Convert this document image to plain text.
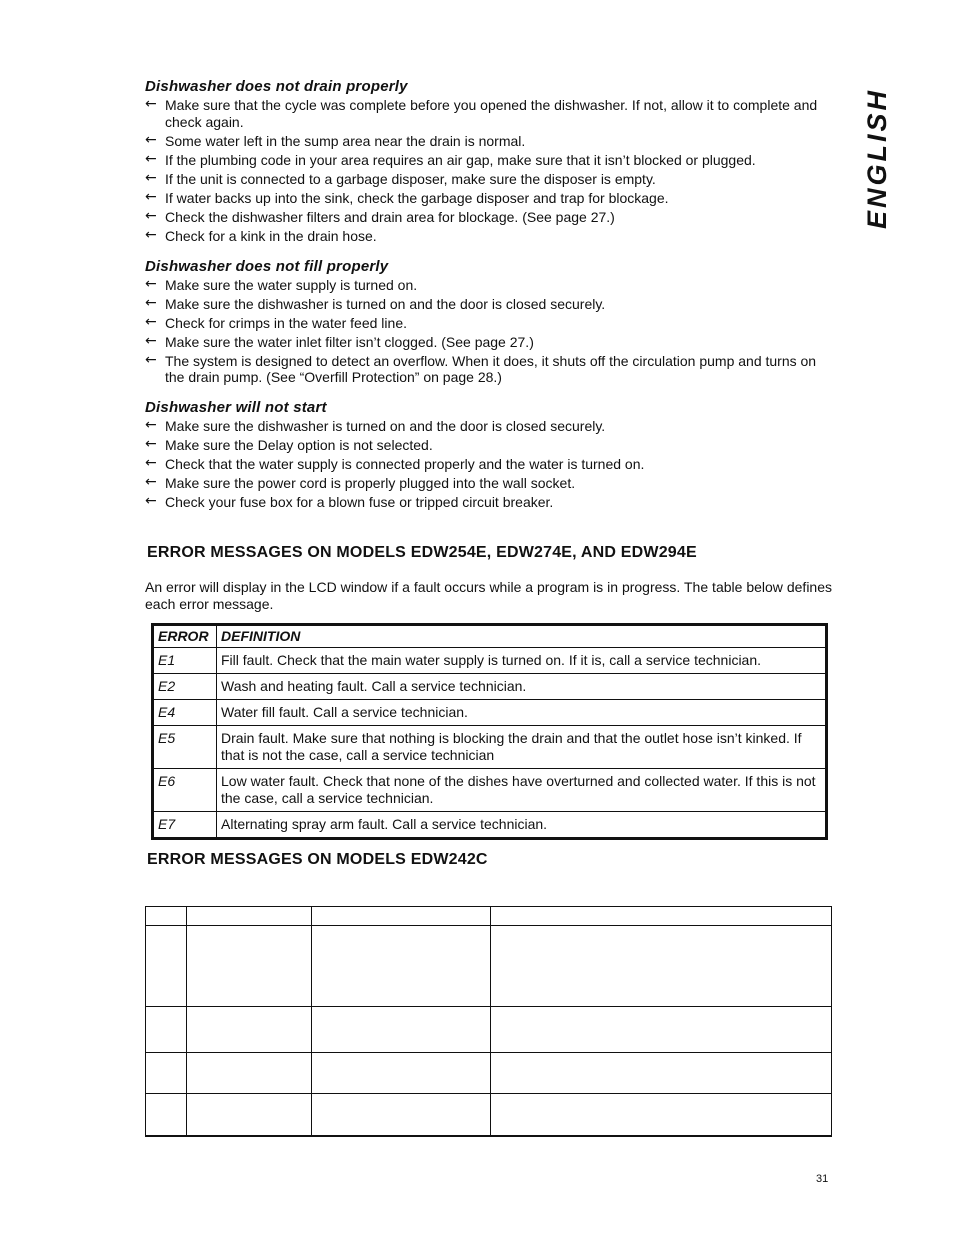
ENGLISH
Dishwasher does not drain properly
← Make sure that the cycle was complete before you opened the dishwasher. If not, allow it to complete and check again.
← Some water left in the sump area near the drain is normal.
← If the plumbing code in your area requires an air gap, make sure that it isn’t blocked or plugged.
← If the unit is connected to a garbage disposer, make sure the disposer is empty.
← If water backs up into the sink, check the garbage disposer and trap for blockage.
← Check the dishwasher filters and drain area for blockage. (See page 27.)
← Check for a kink in the drain hose.
Dishwasher does not fill properly
← Make sure the water supply is turned on.
← Make sure the dishwasher is turned on and the door is closed securely.
← Check for crimps in the water feed line.
← Make sure the water inlet filter isn’t clogged. (See page 27.)
← The system is designed to detect an overflow. When it does, it shuts off the circulation pump and turns on the drain pump. (See “Overfill Protection” on page 28.)
Dishwasher will not start
← Make sure the dishwasher is turned on and the door is closed securely.
← Make sure the Delay option is not selected.
← Check that the water supply is connected properly and the water is turned on.
← Make sure the power cord is properly plugged into the wall socket.
← Check your fuse box for a blown fuse or tripped circuit breaker.
ERROR MESSAGES ON MODELS EDW254E, EDW274E, AND EDW294E

An error will display in the LCD window if a fault occurs while a program is in progress. The table below defines each error message.

ERROR	DEFINITION
E1	Fill fault. Check that the main water supply is turned on. If it is, call a service technician.
E2	Wash and heating fault. Call a service technician.
E4	Water fill fault. Call a service technician.
E5	Drain fault. Make sure that nothing is blocking the drain and that the outlet hose isn’t kinked. If that is not the case, call a service technician
E6	Low water fault. Check that none of the dishes have overturned and collected water. If this is not the case, call a service technician.
E7	Alternating spray arm fault. Call a service technician.
ERROR MESSAGES ON MODELS EDW242C

31
